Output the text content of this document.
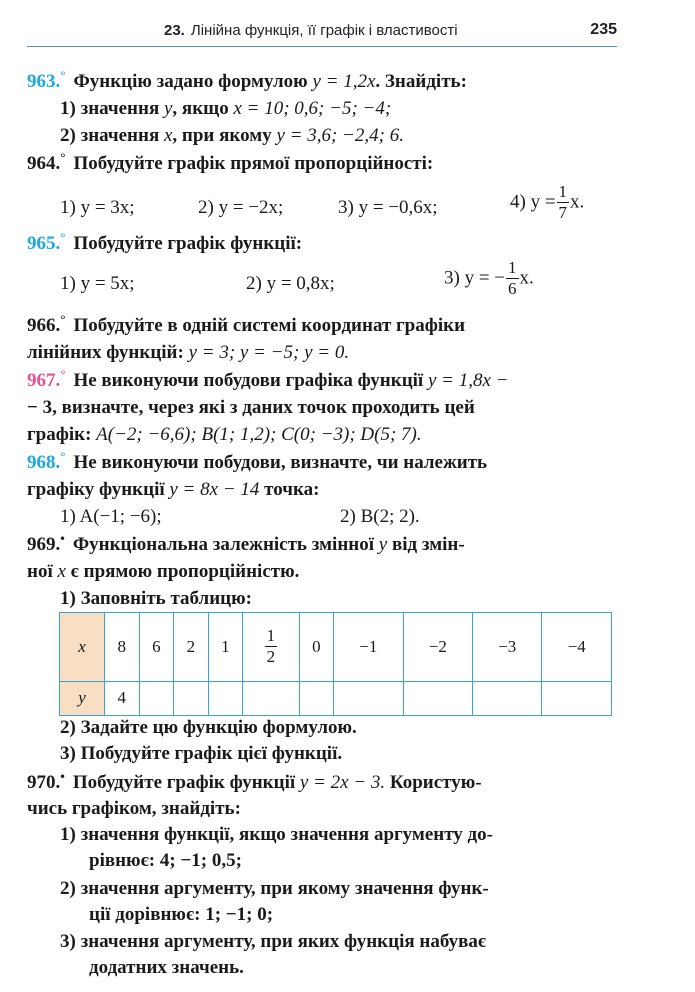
23. Лінійна функція, її графік і властивості	235
963.° Функцію задано формулою y = 1,2x. Знайдіть:
1) значення y, якщо x = 10; 0,6; −5; −4;
2) значення x, при якому y = 3,6; −2,4; 6.
964.° Побудуйте графік прямої пропорційності:
1) y = 3x;	2) y = −2x;	3) y = −0,6x;	4) $y = \frac{1}{7} x$.
965.° Побудуйте графік функції:
1) y = 5x;	2) y = 0,8x;	3) y = − $\frac{1}{6} x$.
966.° Побудуйте в одній системі координат графіки
лінійних функцій: y = 3; y = −5; y = 0.
967.° Не виконуючи побудови графіка функції y = 1,8x −
− 3, визначте, через які з даних точок проходить цей
графік: A(−2; −6,6); B(1; 1,2); C(0; −3); D(5; 7).
968.° Не виконуючи побудови, визначте, чи належить
графіку функції y = 8x − 14 точка:
1) A(−1; −6);	2) B(2; 2).
969.• Функціональна залежність змінної y від змін-
ної x є прямою пропорційністю.
1) Заповніть таблицю:
x	8	6	2	1	$\frac{1}{2}$	0	−1	−2	−3	−4
y	4									
2) Задайте цю функцію формулою.
3) Побудуйте графік цієї функції.
970.• Побудуйте графік функції y = 2x − 3. Користую-
чись графіком, знайдіть:
1) значення функції, якщо значення аргументу до-
рівнює: 4; −1; 0,5;
2) значення аргументу, при якому значення функ-
ції дорівнює: 1; −1; 0;
3) значення аргументу, при яких функція набуває
додатних значень.
